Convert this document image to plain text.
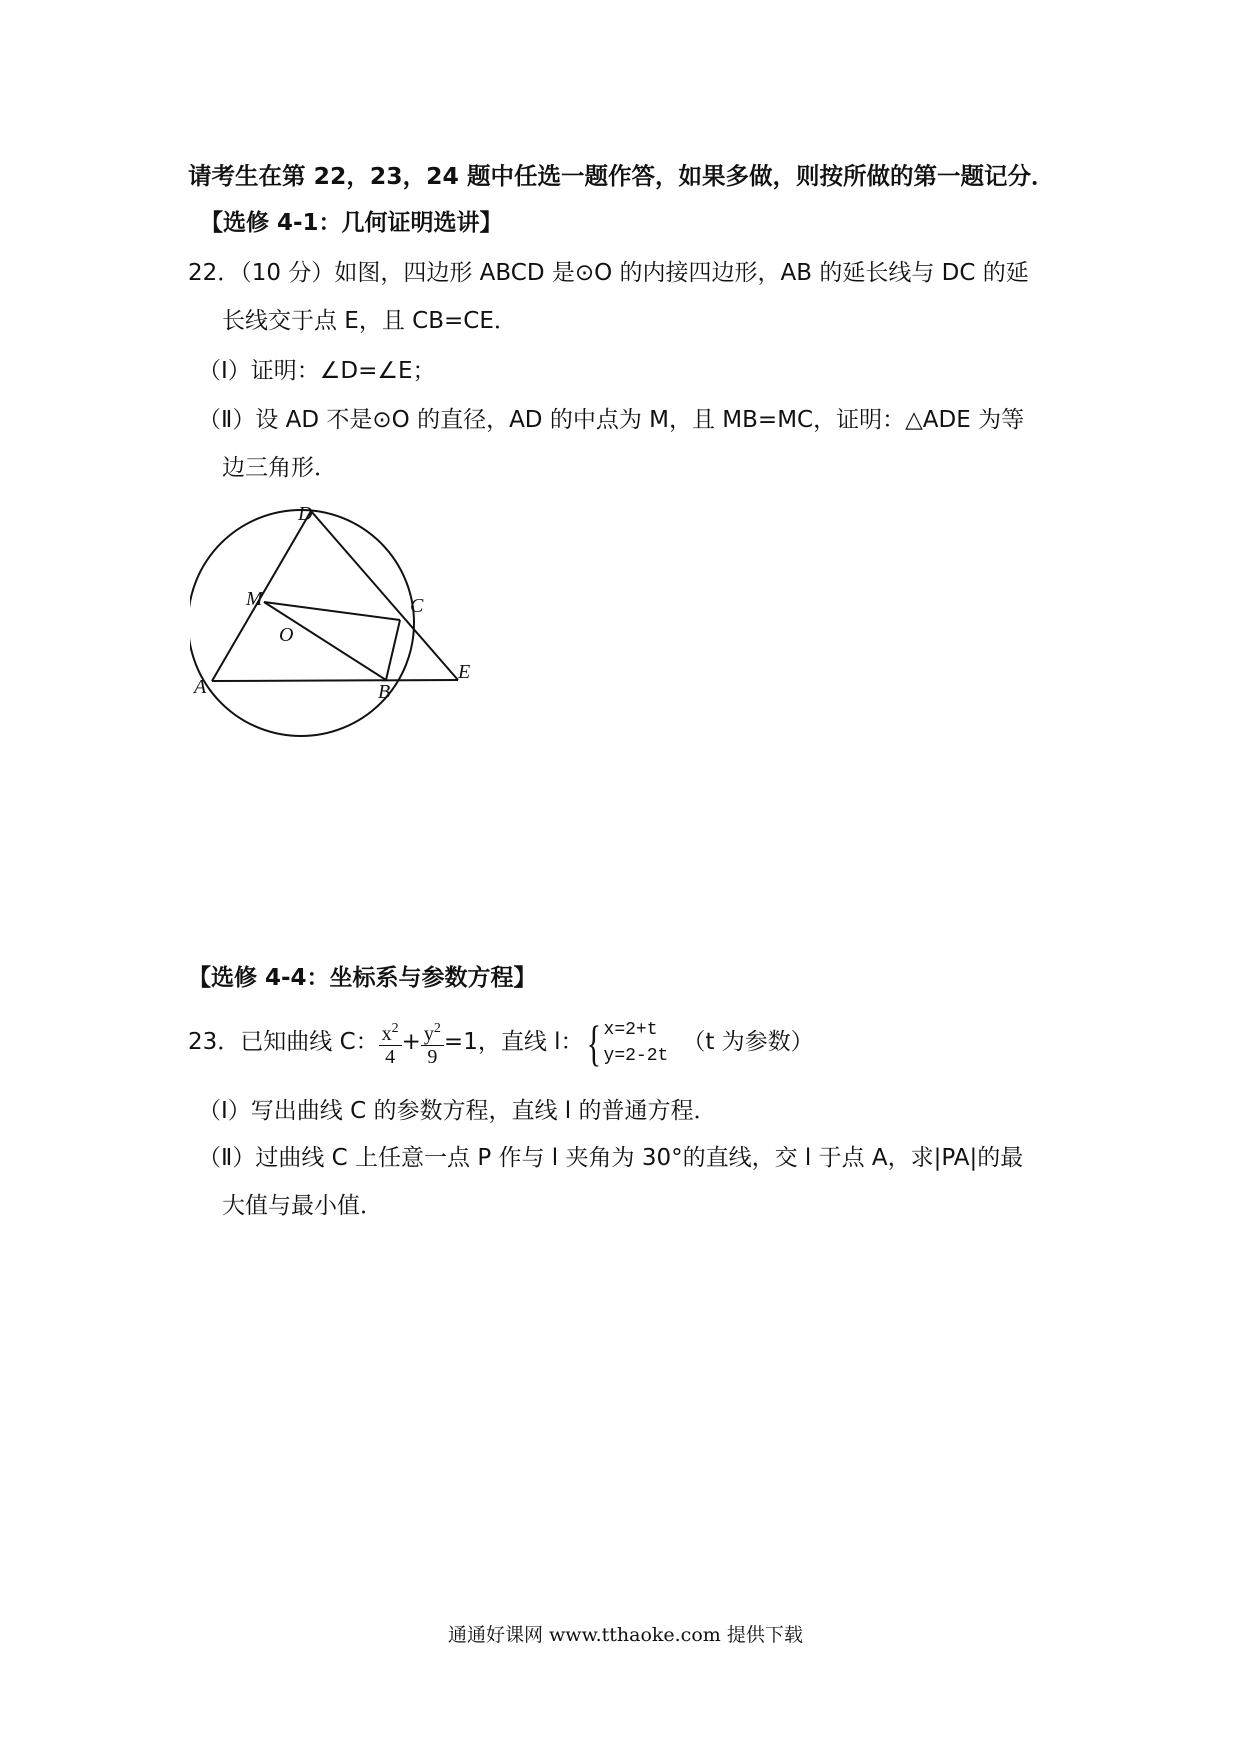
请考生在第 22，23，24 题中任选一题作答，如果多做，则按所做的第一题记分．
【选修 4-1：几何证明选讲】
22．（10 分）如图，四边形 ABCD 是⊙O 的内接四边形，AB 的延长线与 DC 的延
长线交于点 E，且 CB=CE．
（Ⅰ）证明：∠D=∠E；
（Ⅱ）设 AD 不是⊙O 的直径，AD 的中点为 M，且 MB=MC，证明：△ADE 为等
边三角形．
D
C
M
O
A	B
E
【选修 4-4：坐标系与参数方程】
23．已知曲线 C： $\frac{x^2}{4} + \frac{y^2}{9} =1$，直线 l：{ x=2+t
y=2-2t
（t 为参数）
（Ⅰ）写出曲线 C 的参数方程，直线 l 的普通方程．
（Ⅱ）过曲线 C 上任意一点 P 作与 l 夹角为 30°的直线，交 l 于点 A，求|PA|的最
大值与最小值．
通通好课网 www.tthaoke.com 提供下载
